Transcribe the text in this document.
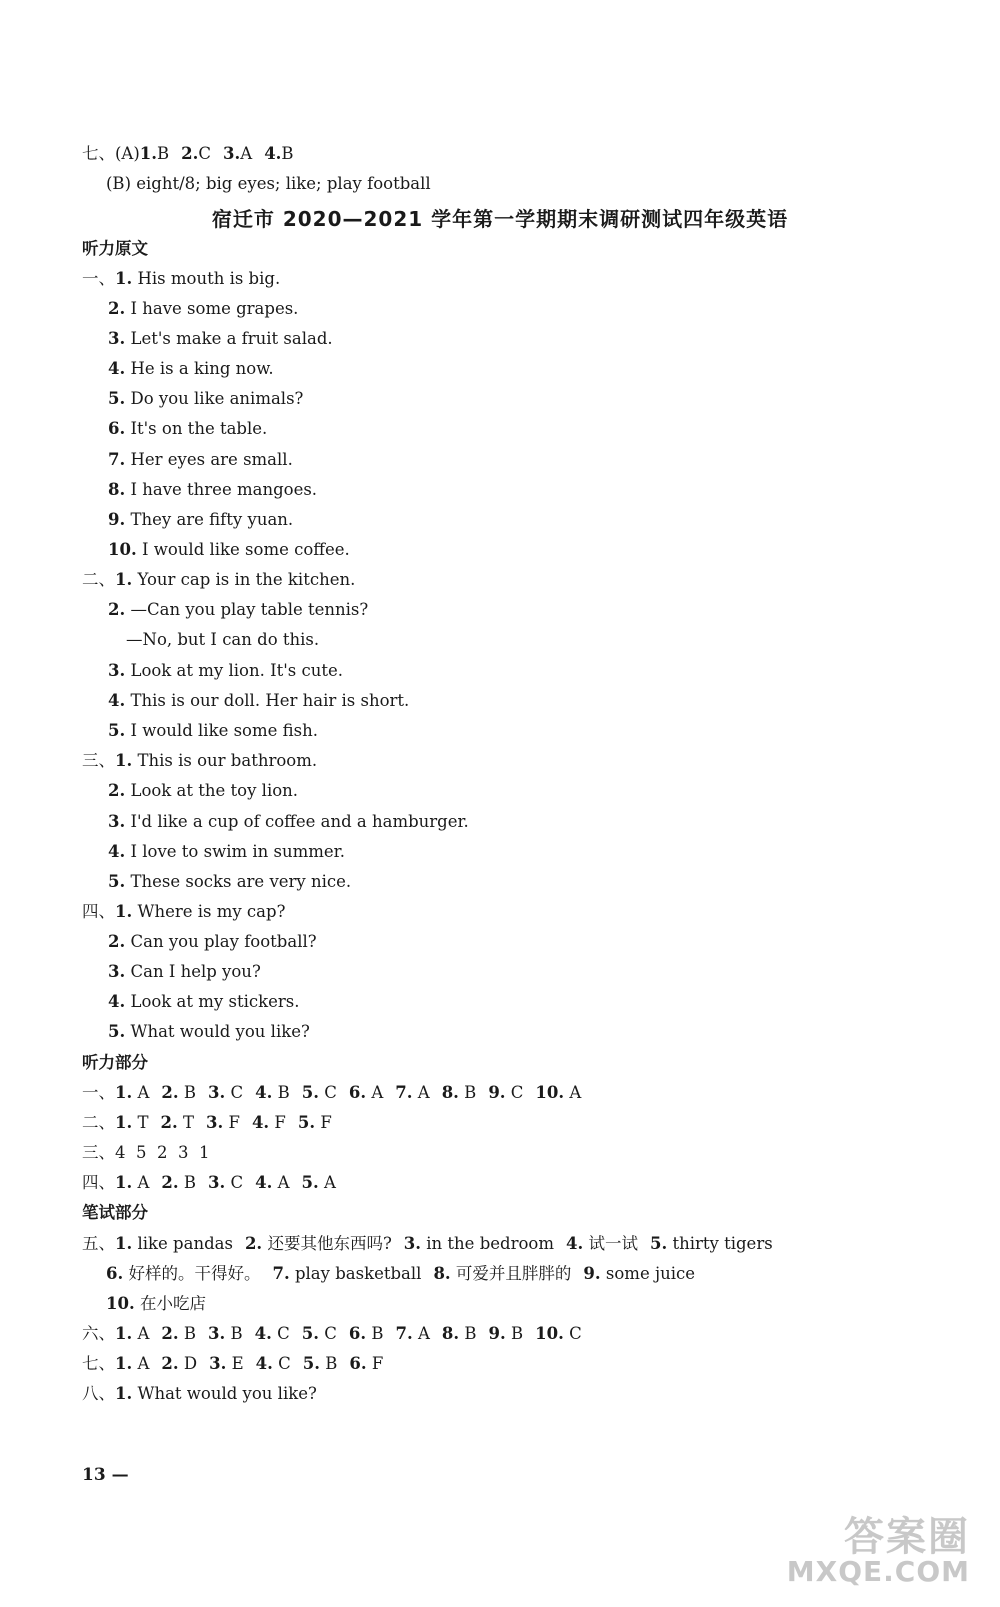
七、(A)1.B 2.C 3.A 4.B
(B) eight/8; big eyes; like; play football
宿迁市 2020—2021 学年第一学期期末调研测试四年级英语
听力原文
一、1. His mouth is big.
2. I have some grapes.
3. Let's make a fruit salad.
4. He is a king now.
5. Do you like animals?
6. It's on the table.
7. Her eyes are small.
8. I have three mangoes.
9. They are fifty yuan.
10. I would like some coffee.
二、1. Your cap is in the kitchen.
2. —Can you play table tennis?
—No, but I can do this.
3. Look at my lion. It's cute.
4. This is our doll. Her hair is short.
5. I would like some fish.
三、1. This is our bathroom.
2. Look at the toy lion.
3. I'd like a cup of coffee and a hamburger.
4. I love to swim in summer.
5. These socks are very nice.
四、1. Where is my cap?
2. Can you play football?
3. Can I help you?
4. Look at my stickers.
5. What would you like?
听力部分
一、1. A 2. B 3. C 4. B 5. C 6. A 7. A 8. B 9. C 10. A
二、1. T 2. T 3. F 4. F 5. F
三、4  5  2  3  1
四、1. A 2. B 3. C 4. A 5. A
笔试部分
五、1. like pandas 2. 还要其他东西吗? 3. in the bedroom 4. 试一试 5. thirty tigers
6. 好样的。干得好。 7. play basketball 8. 可爱并且胖胖的 9. some juice
10. 在小吃店
六、1. A 2. B 3. B 4. C 5. C 6. B 7. A 8. B 9. B 10. C
七、1. A 2. D 3. E 4. C 5. B 6. F
八、1. What would you like?
13 —
答案圈
MXQE.COM
